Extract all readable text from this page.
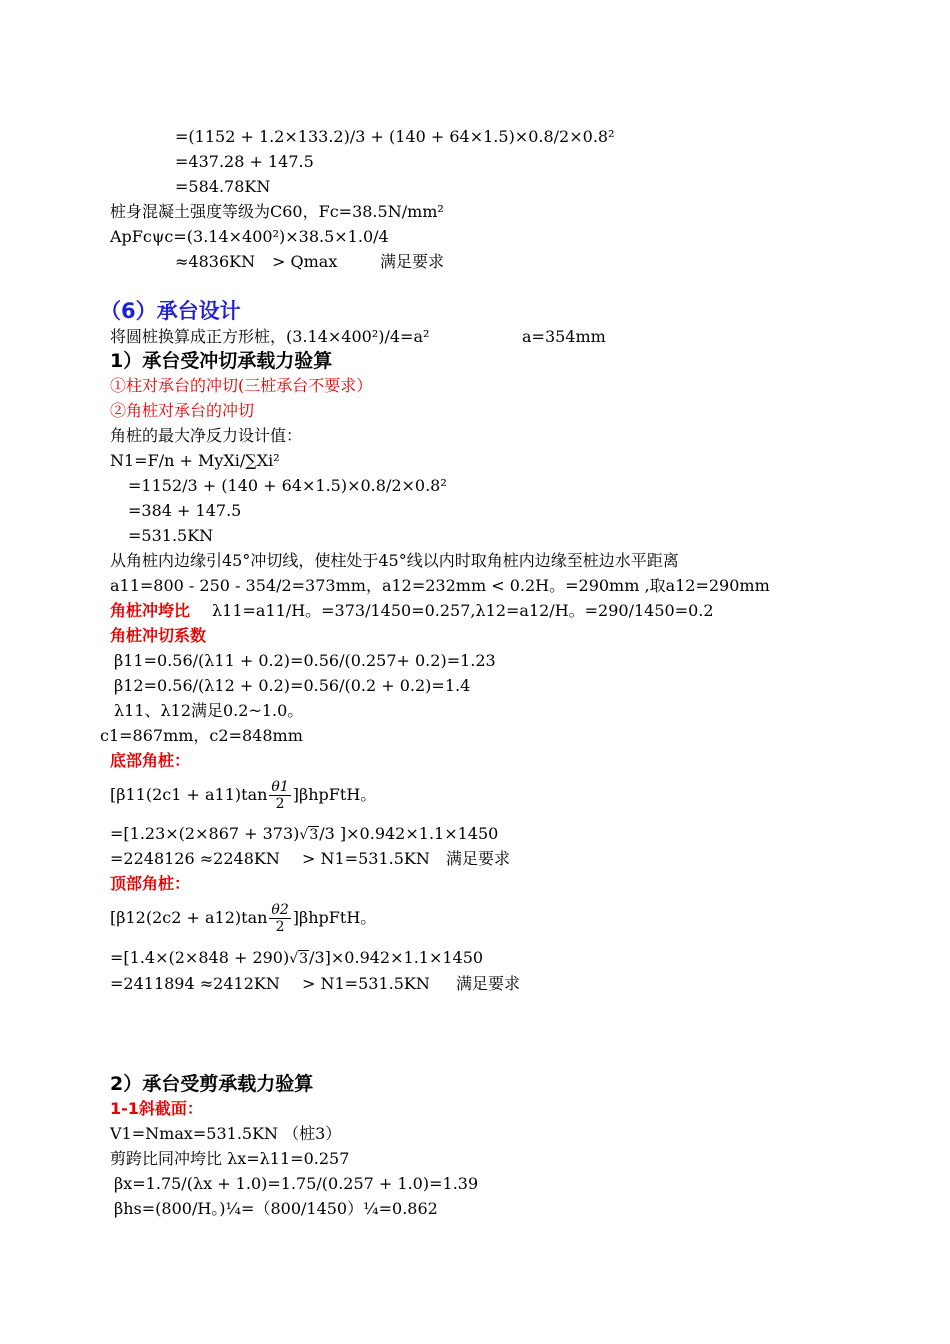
=(1152 + 1.2×133.2)/3 + (140 + 64×1.5)×0.8/2×0.8²
=437.28 + 147.5
=584.78KN
桩身混凝土强度等级为C60，Fc=38.5N/mm²
ApFcψc=(3.14×400²)×38.5×1.0/4
≈4836KN > Qmax	满足要求
（6）承台设计
将圆桩换算成正方形桩，(3.14×400²)/4=a²	a=354mm
1）承台受冲切承载力验算
①柱对承台的冲切(三桩承台不要求）
②角桩对承台的冲切
角桩的最大净反力设计值：
N1=F/n + MyXi/∑Xi²
=1152/3 + (140 + 64×1.5)×0.8/2×0.8²
=384 + 147.5
=531.5KN
从角桩内边缘引45°冲切线，使柱处于45°线以内时取角桩内边缘至桩边水平距离
a11=800 - 250 - 354/2=373mm，a12=232mm < 0.2H。=290mm ,取a12=290mm
角桩冲垮比 λ11=a11/H。=373/1450=0.257,λ12=a12/H。=290/1450=0.2
角桩冲切系数
β11=0.56/(λ11 + 0.2)=0.56/(0.257+ 0.2)=1.23
β12=0.56/(λ12 + 0.2)=0.56/(0.2 + 0.2)=1.4
λ11、λ12满足0.2~1.0。
c1=867mm，c2=848mm
底部角桩：
[$\beta 11(2c1 + a11)\tan \frac{\theta 1}{2}$ ]βhpFtH。
=[1.23×(2×867 + 373)√3/3 ]×0.942×1.1×1450
=2248126 ≈2248KN > N1=531.5KN 满足要求
顶部角桩：
[$\beta 12(2c2 + a12)\tan \frac{\theta 2}{2}$ ]βhpFtH。
=[1.4×(2×848 + 290)√3/3]×0.942×1.1×1450
=2411894 ≈2412KN > N1=531.5KN 满足要求
2）承台受剪承载力验算
1-1斜截面：
V1=Nmax=531.5KN （桩3）
剪跨比同冲垮比 λx=λ11=0.257
βx=1.75/(λx + 1.0)=1.75/(0.257 + 1.0)=1.39
βhs=(800/H。)¼=（800/1450）¼=0.862
